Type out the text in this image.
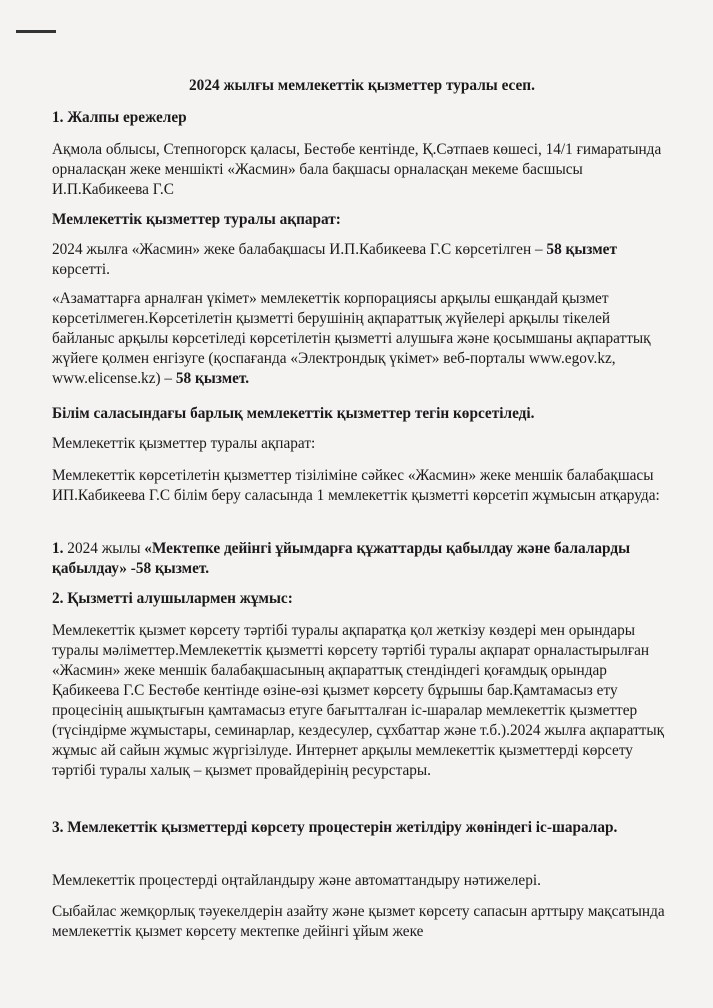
2024 жылғы мемлекеттік қызметтер туралы есеп.

1. Жалпы ережелер

Ақмола облысы, Степногорск қаласы, Бестөбе кентінде, Қ.Сәтпаев көшесі, 14/1 ғимаратында орналасқан жеке меншікті «Жасмин» бала бақшасы орналасқан мекеме басшысы И.П.Кабикеева Г.С

Мемлекеттік қызметтер туралы ақпарат:

2024 жылға «Жасмин» жеке балабақшасы И.П.Кабикеева Г.С көрсетілген – 58 қызмет көрсетті.

«Азаматтарға арналған үкімет» мемлекеттік корпорациясы арқылы ешқандай қызмет көрсетілмеген.Көрсетілетін қызметті берушінің ақпараттық жүйелері арқылы тікелей байланыс арқылы көрсетіледі көрсетілетін қызметті алушыға және қосымшаны ақпараттық жүйеге қолмен енгізуге (қоспағанда «Электрондық үкімет» веб-порталы www.egov.kz, www.elicense.kz) – 58 қызмет.

Білім саласындағы барлық мемлекеттік қызметтер тегін көрсетіледі.

Мемлекеттік қызметтер туралы ақпарат:

Мемлекеттік көрсетілетін қызметтер тізіліміне сәйкес «Жасмин» жеке меншік балабақшасы ИП.Кабикеева Г.С білім беру саласында 1 мемлекеттік қызметті көрсетіп жұмысын атқаруда:

1. 2024 жылы «Мектепке дейінгі ұйымдарға құжаттарды қабылдау және балаларды қабылдау» -58 қызмет.

2. Қызметті алушылармен жұмыс:

Мемлекеттік қызмет көрсету тәртібі туралы ақпаратқа қол жеткізу көздері мен орындары туралы мәліметтер.Мемлекеттік қызметті көрсету тәртібі туралы ақпарат орналастырылған «Жасмин» жеке меншік балабақшасының ақпараттық стендіндегі қоғамдық орындар Қабикеева Г.С Бестөбе кентінде өзіне-өзі қызмет көрсету бұрышы бар.Қамтамасыз ету процесінің ашықтығын қамтамасыз етуге бағытталған іс-шаралар мемлекеттік қызметтер (түсіндірме жұмыстары, семинарлар, кездесулер, сұхбаттар және т.б.).2024 жылға ақпараттық жұмыс ай сайын жұмыс жүргізілуде. Интернет арқылы мемлекеттік қызметтерді көрсету тәртібі туралы халық – қызмет провайдерінің ресурстары.

3. Мемлекеттік қызметтерді көрсету процестерін жетілдіру жөніндегі іс-шаралар.

Мемлекеттік процестерді оңтайландыру және автоматтандыру нәтижелері.

Сыбайлас жемқорлық тәуекелдерін азайту және қызмет көрсету сапасын арттыру мақсатында мемлекеттік қызмет көрсету мектепке дейінгі ұйым жеке
